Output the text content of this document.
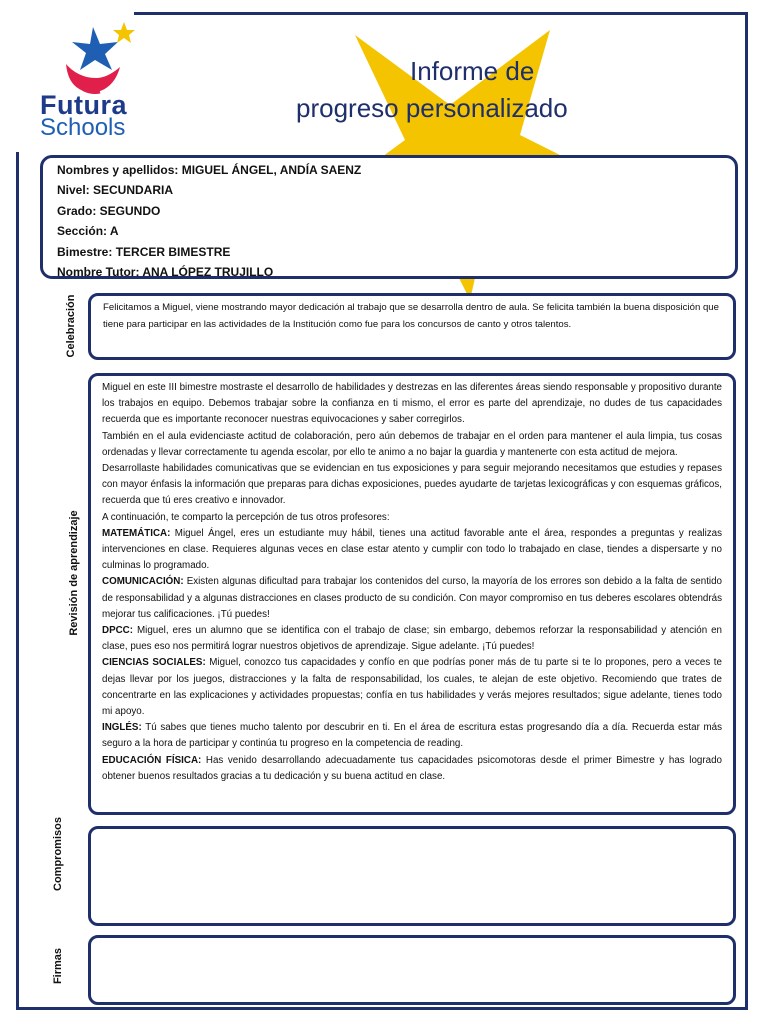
Futura
Schools
Informe de
progreso personalizado
Nombres y apellidos: MIGUEL ÁNGEL, ANDÍA SAENZ
Nivel: SECUNDARIA
Grado: SEGUNDO
Sección: A
Bimestre: TERCER BIMESTRE
Nombre Tutor: ANA LÓPEZ TRUJILLO
Celebración	Felicitamos a Miguel, viene mostrando mayor dedicación al trabajo que se desarrolla dentro de aula. Se felicita también la buena disposición que tiene para participar en las actividades de la Institución como fue para los concursos de canto y otros talentos.
Revisión de aprendizaje

Miguel en este III bimestre mostraste el desarrollo de habilidades y destrezas en las diferentes áreas siendo responsable y propositivo durante los trabajos en equipo. Debemos trabajar sobre la confianza en ti mismo, el error es parte del aprendizaje, no dudes de tus capacidades recuerda que es importante reconocer nuestras equivocaciones y saber corregirlos.

También en el aula evidenciaste actitud de colaboración, pero aún debemos de trabajar en el orden para mantener el aula limpia, tus cosas ordenadas y llevar correctamente tu agenda escolar, por ello te animo a no bajar la guardia y mantenerte con esta actitud de mejora.

Desarrollaste habilidades comunicativas que se evidencian en tus exposiciones y para seguir mejorando necesitamos que estudies y repases con mayor énfasis la información que preparas para dichas exposiciones, puedes ayudarte de tarjetas lexicográficas y con esquemas gráficos, recuerda que tú eres creativo e innovador.

A continuación, te comparto la percepción de tus otros profesores:

MATEMÁTICA: Miguel Ángel, eres un estudiante muy hábil, tienes una actitud favorable ante el área, respondes a preguntas y realizas intervenciones en clase. Requieres algunas veces en clase estar atento y cumplir con todo lo trabajado en clase, tiendes a dispersarte y no culminas lo programado.

COMUNICACIÓN: Existen algunas dificultad para trabajar los contenidos del curso, la mayoría de los errores son debido a la falta de sentido de responsabilidad y a algunas distracciones en clases producto de su condición. Con mayor compromiso en tus deberes escolares obtendrás mejorar tus calificaciones. ¡Tú puedes!

DPCC: Miguel, eres un alumno que se identifica con el trabajo de clase; sin embargo, debemos reforzar la responsabilidad y atención en clase, pues eso nos permitirá lograr nuestros objetivos de aprendizaje. Sigue adelante. ¡Tú puedes!

CIENCIAS SOCIALES: Miguel, conozco tus capacidades y confío en que podrías poner más de tu parte si te lo propones, pero a veces te dejas llevar por los juegos, distracciones y la falta de responsabilidad, los cuales, te alejan de este objetivo. Recomiendo que trates de concentrarte en las explicaciones y actividades propuestas; confía en tus habilidades y verás mejores resultados; sigue adelante, tienes todo mi apoyo.

INGLÉS: Tú sabes que tienes mucho talento por descubrir en ti. En el área de escritura estas progresando día a día. Recuerda estar más seguro a la hora de participar y continúa tu progreso en la competencia de reading.

EDUCACIÓN FÍSICA: Has venido desarrollando adecuadamente tus capacidades psicomotoras desde el primer Bimestre y has logrado obtener buenos resultados gracias a tu dedicación y su buena actitud en clase.

Compromisos
Firmas
